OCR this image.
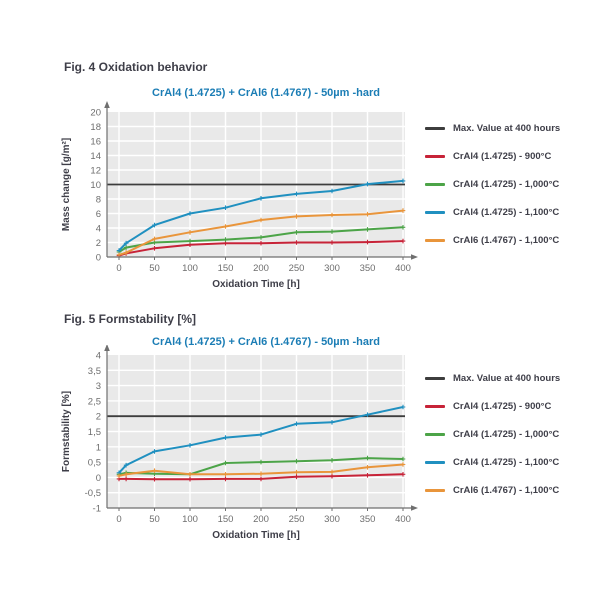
Fig. 4 Oxidation behavior
CrAl4 (1.4725) + CrAl6 (1.4767) - 50µm -hard
0	50 100 150 200 250 300 350 400
0
2
4
6
8
10
12
14
16
18
20
Oxidation Time [h]
Mass change [g/m²]
Max. Value at 400 hours
CrAl4 (1.4725) - 900°C
CrAl4 (1.4725) - 1,000°C
CrAl4 (1.4725) - 1,100°C
CrAl6 (1.4767) - 1,100°C
Fig. 5 Formstability [%]
CrAl4 (1.4725) + CrAl6 (1.4767) - 50µm -hard
0	50 100 150 200 250 300 350 400
-1
-0,5
0
0,5
1
1,5
2
2,5
3
3,5
4
Oxidation Time [h]
Formstability [%]
Max. Value at 400 hours
CrAl4 (1.4725) - 900°C
CrAl4 (1.4725) - 1,000°C
CrAl4 (1.4725) - 1,100°C
CrAl6 (1.4767) - 1,100°C
